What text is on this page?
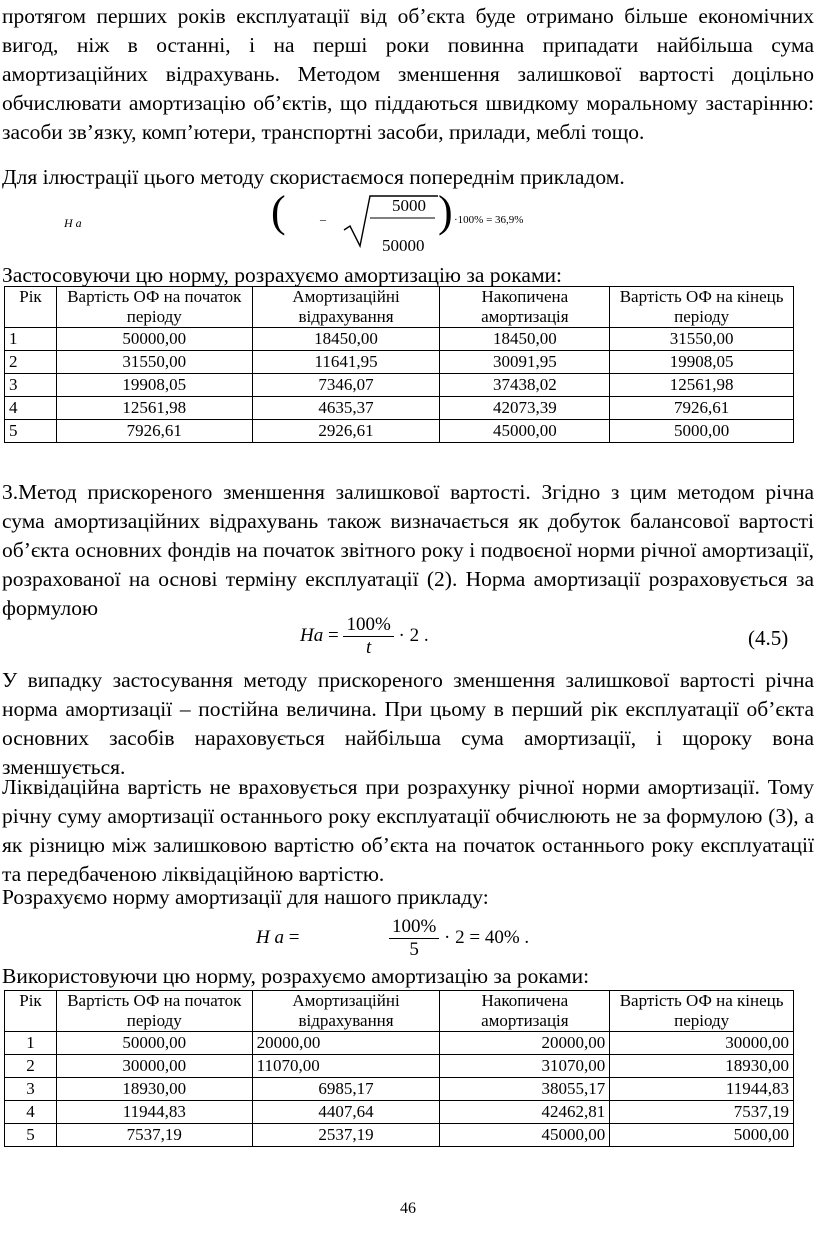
протягом перших років експлуатації від об’єкта буде отримано більше економічних вигод, ніж в останні, і на перші роки повинна припадати найбільша сума амортизаційних відрахувань. Методом зменшення залишкової вартості доцільно обчислювати амортизацію об’єктів, що піддаються швидкому моральному застарінню: засоби зв’язку, комп’ютери, транспортні засоби, прилади, меблі тощо.

Для ілюстрації цього методу скористаємося попереднім прикладом.

H a	(	–
5000
50000
) ·100% = 36,9%

Застосовуючи цю норму, розрахуємо амортизацію за роками:

Рік	Вартість ОФ на початок періоду	Амортизаційні відрахування	Накопичена амортизація	Вартість ОФ на кінець періоду
1	50000,00	18450,00	18450,00	31550,00
2	31550,00	11641,95	30091,95	19908,05
3	19908,05	7346,07	37438,02	12561,98
4	12561,98	4635,37	42073,39	7926,61
5	7926,61	2926,61	45000,00	5000,00

3.Метод прискореного зменшення залишкової вартості. Згідно з цим методом річна сума амортизаційних відрахувань також визначається як добуток балансової вартості об’єкта основних фондів на початок звітного року і подвоєної норми річної амортизації, розрахованої на основі терміну експлуатації (2). Норма амортизації розраховується за формулою

$Ha = \frac{100\%}{t} \cdot 2$ .	(4.5)

У випадку застосування методу прискореного зменшення залишкової вартості річна норма амортизації – постійна величина. При цьому в перший рік експлуатації об’єкта основних засобів нараховується найбільша сума амортизації, і щороку вона зменшується.

Ліквідаційна вартість не враховується при розрахунку річної норми амортизації. Тому річну суму амортизації останнього року експлуатації обчислюють не за формулою (3), а як різницю між залишковою вартістю об’єкта на початок останнього року експлуатації та передбаченою ліквідаційною вартістю.

Розрахуємо норму амортизації для нашого прикладу:

H a =	$\frac{100\%}{5} \cdot 2 = 40\%$ .

Використовуючи цю норму, розрахуємо амортизацію за роками:

Рік	Вартість ОФ на початок періоду	Амортизаційні відрахування	Накопичена амортизація	Вартість ОФ на кінець періоду
1	50000,00	20000,00	20000,00	30000,00
2	30000,00	11070,00	31070,00	18930,00
3	18930,00	6985,17	38055,17	11944,83
4	11944,83	4407,64	42462,81	7537,19
5	7537,19	2537,19	45000,00	5000,00
46
